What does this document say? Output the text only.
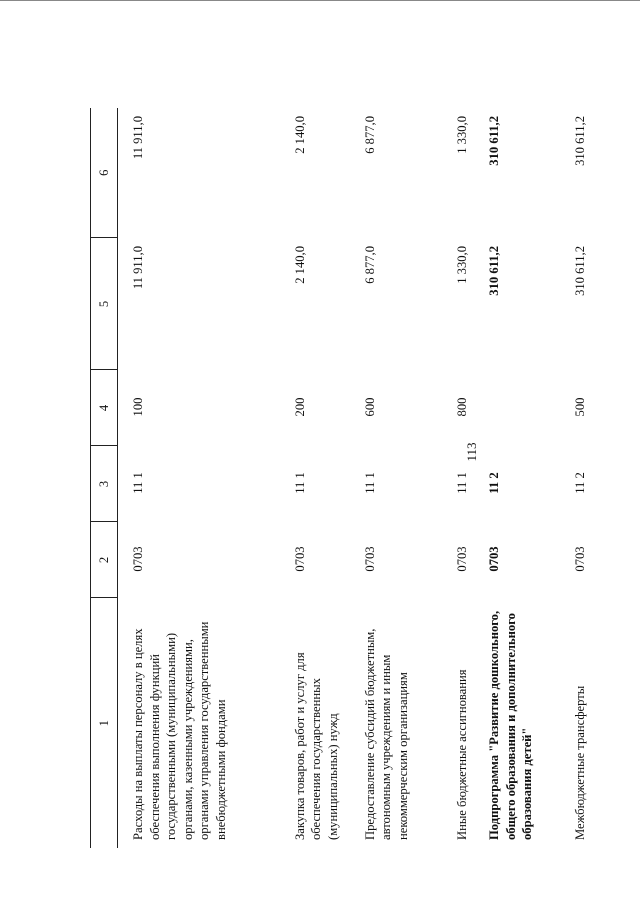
113
1	2	3	4	5	6
Расходы на выплаты персоналу в целях обеспечения выполнения функций государственными (муниципальными) органами, казенными учреждениями, органами управления государственными внебюджетными фондами	0703	11 1	100	11 911,0	11 911,0
Закупка товаров, работ и услуг для обеспечения государственных (муниципальных) нужд	0703	11 1	200	2 140,0	2 140,0
Предоставление субсидий бюджетным, автономным учреждениям и иным некоммерческим организациям	0703	11 1	600	6 877,0	6 877,0
Иные бюджетные ассигнования	0703	11 1	800	1 330,0	1 330,0
Подпрограмма "Развитие дошкольного, общего образования и дополнительного образования детей"	0703	11 2		310 611,2	310 611,2
Межбюджетные трансферты	0703	11 2	500	310 611,2	310 611,2
